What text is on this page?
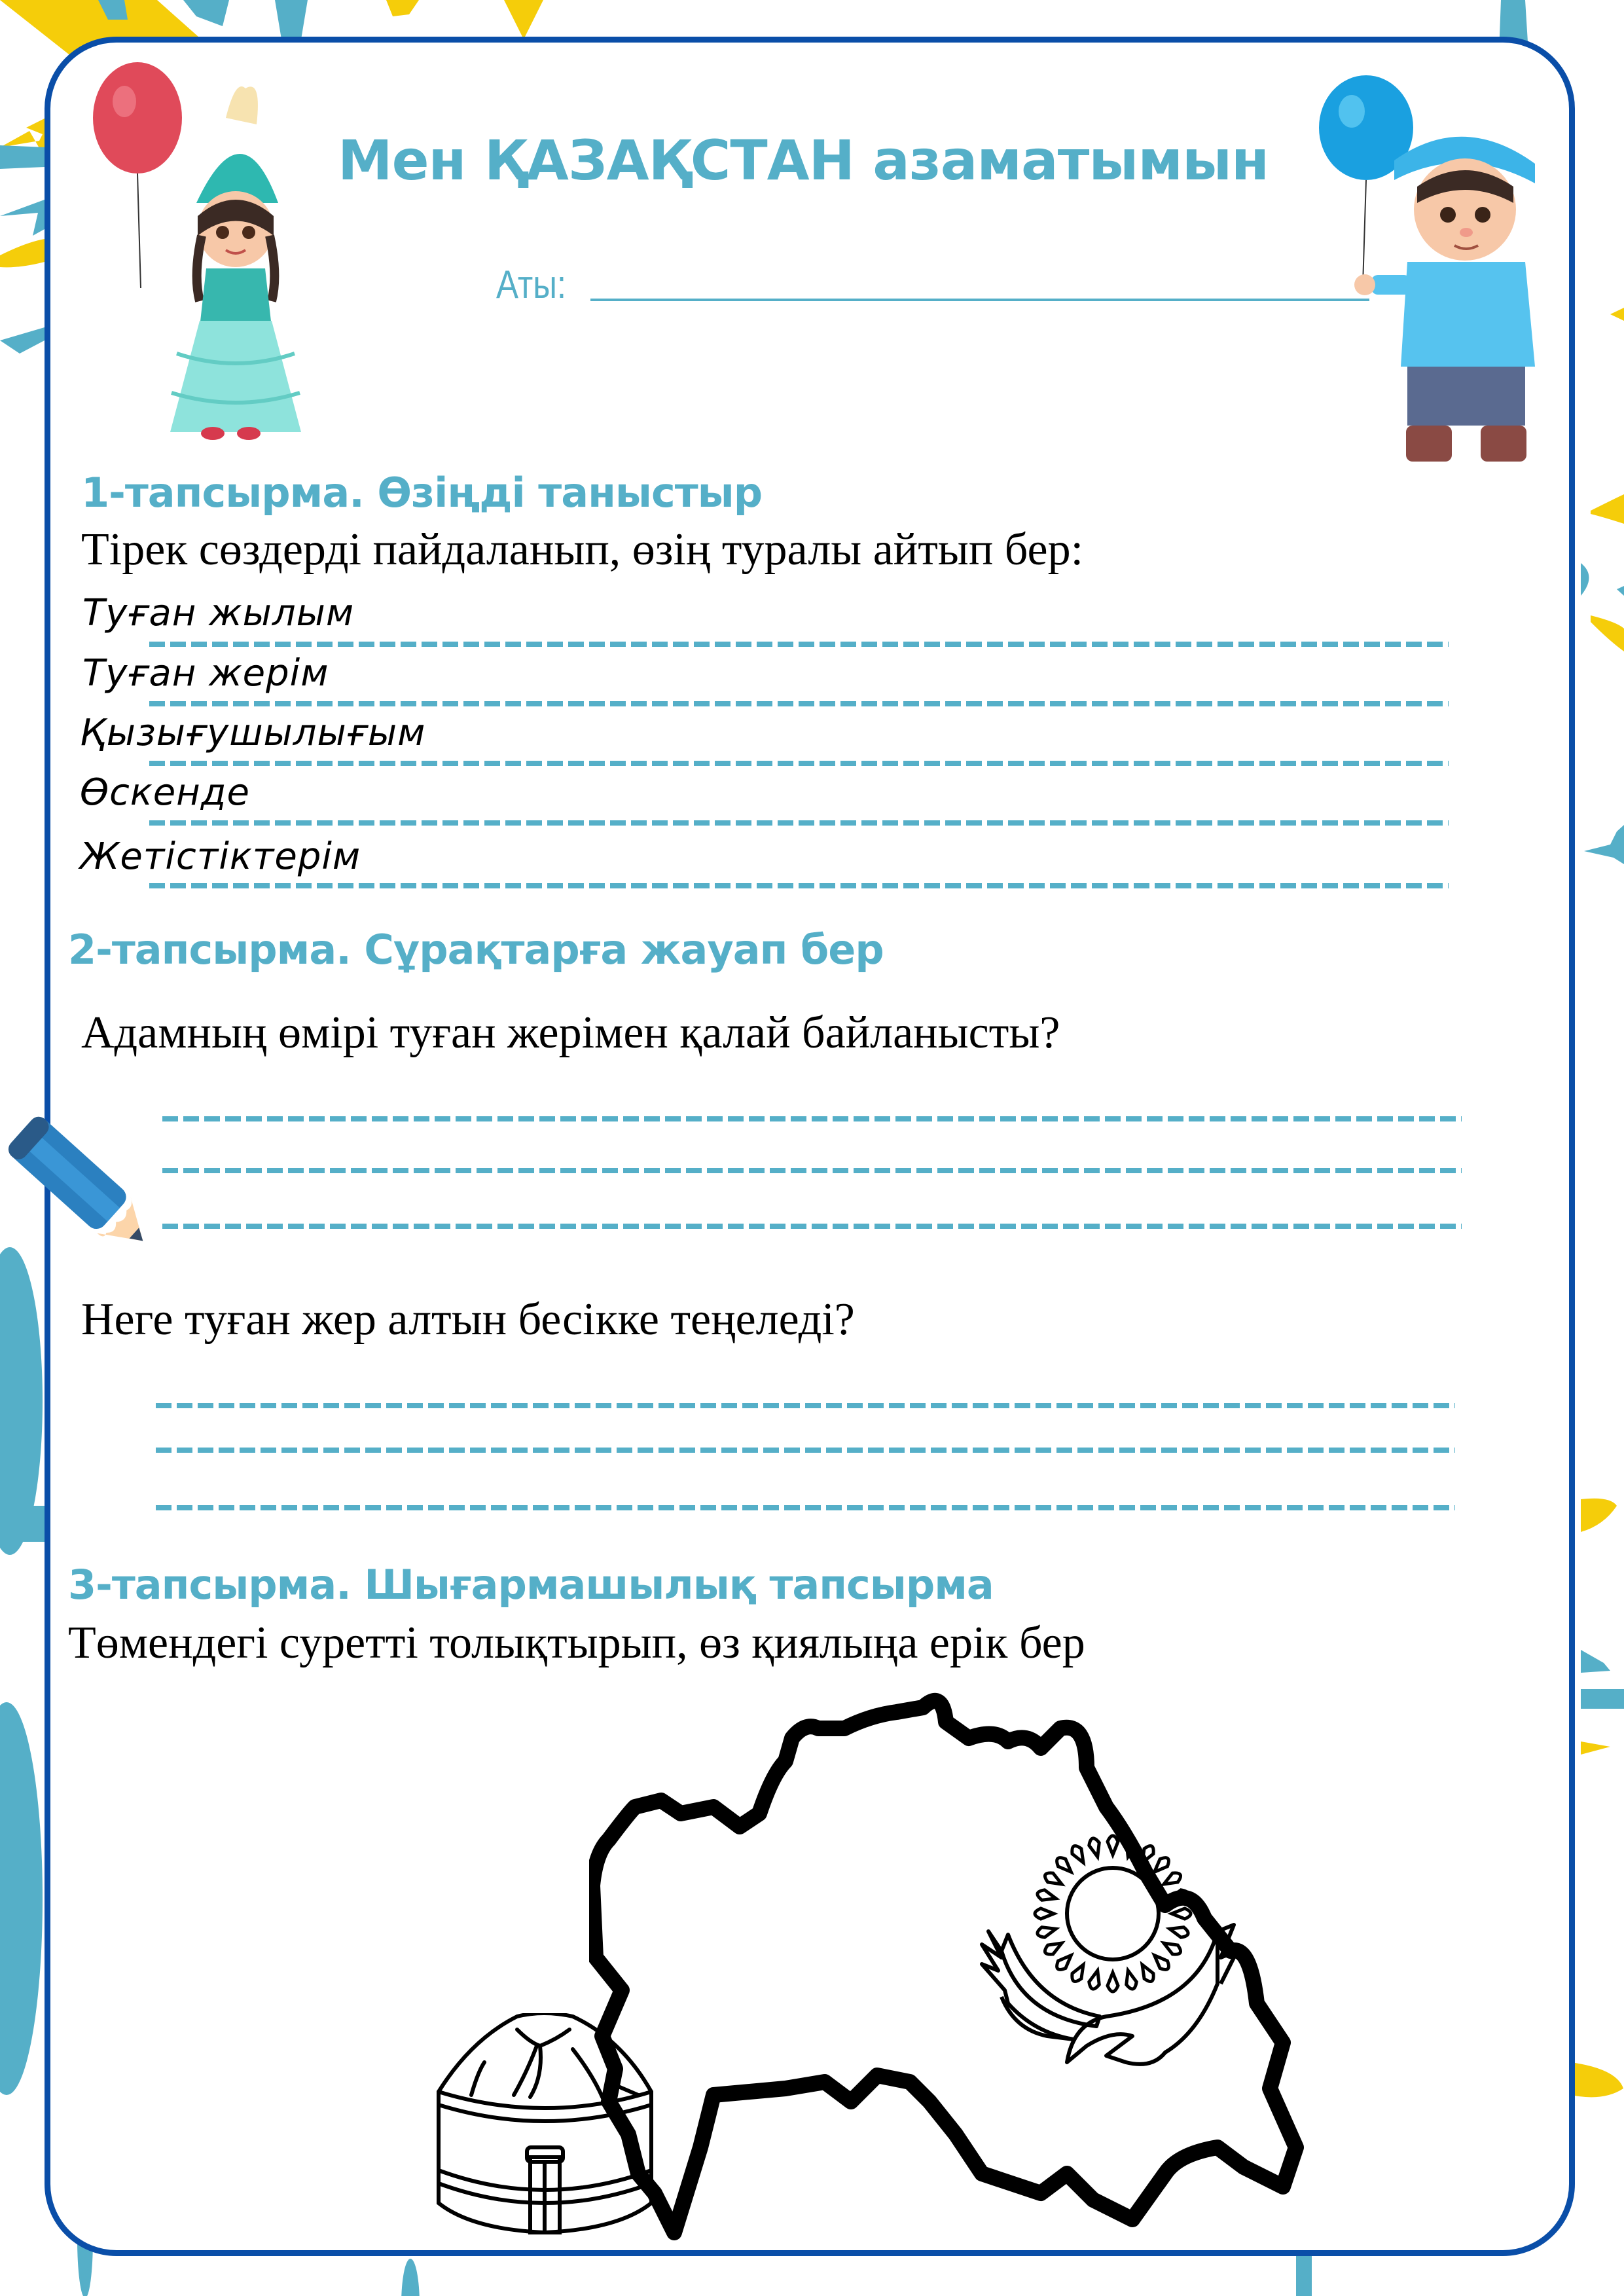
Мен ҚАЗАҚСТАН азаматымын
Аты:
1-тапсырма. Өзіңді таныстыр
Тірек сөздерді пайдаланып, өзің туралы айтып бер:
Туған жылым
Туған жерім
Қызығушылығым
Өскенде
Жетістіктерім
2-тапсырма. Сұрақтарға жауап бер
Адамның өмірі туған жерімен қалай байланысты?
Неге туған жер алтын бесікке теңеледі?
3-тапсырма. Шығармашылық тапсырма
Төмендегі суретті толықтырып, өз қиялыңа ерік бер
